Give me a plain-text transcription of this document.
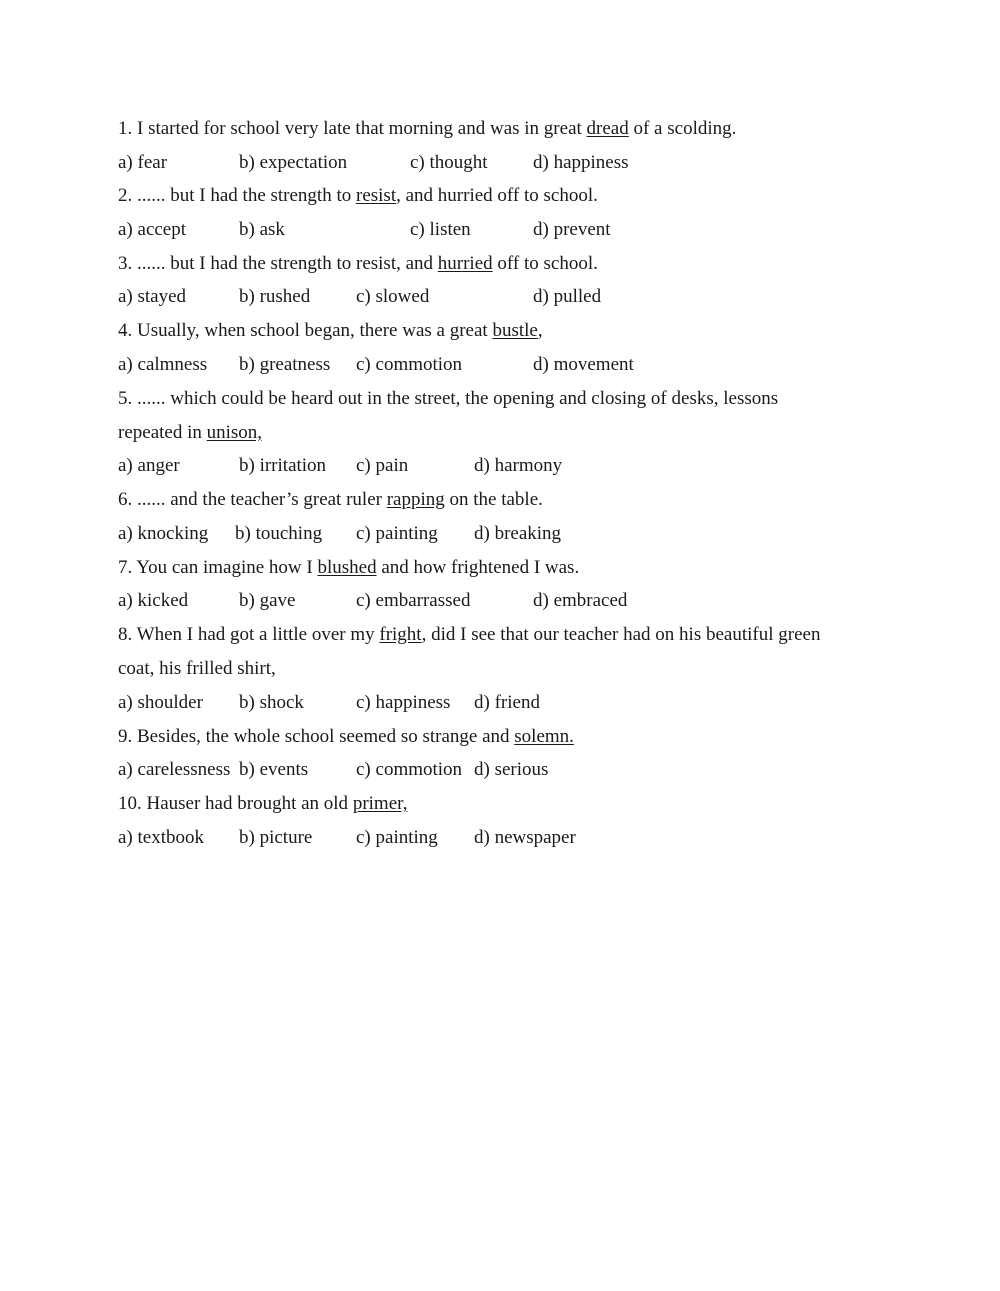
1. I started for school very late that morning and was in great dread of a scolding.
a) fear	b) expectation	c) thought d) happiness
2. ...... but I had the strength to resist, and hurried off to school.
a) accept	b) ask	c) listen	d) prevent
3. ...... but I had the strength to resist, and hurried off to school.
a) stayed	b) rushed c) slowed	d) pulled
4. Usually, when school began, there was a great bustle,
a) calmness b) greatness c) commotion	d) movement
5. ...... which could be heard out in the street, the opening and closing of desks, lessons
repeated in unison,
a) anger	b) irritation c) pain	d) harmony
6. ...... and the teacher’s great ruler rapping on the table.
a) knocking b) touching c) painting d) breaking
7. You can imagine how I blushed and how frightened I was.
a) kicked	b) gave	c) embarrassed	d) embraced
8. When I had got a little over my fright, did I see that our teacher had on his beautiful green
coat, his frilled shirt,
a) shoulder b) shock	c) happiness d) friend
9. Besides, the whole school seemed so strange and solemn.
a) carelessness b) events	c) commotion d) serious
10. Hauser had brought an old primer,
a) textbook b) picture c) painting d) newspaper
